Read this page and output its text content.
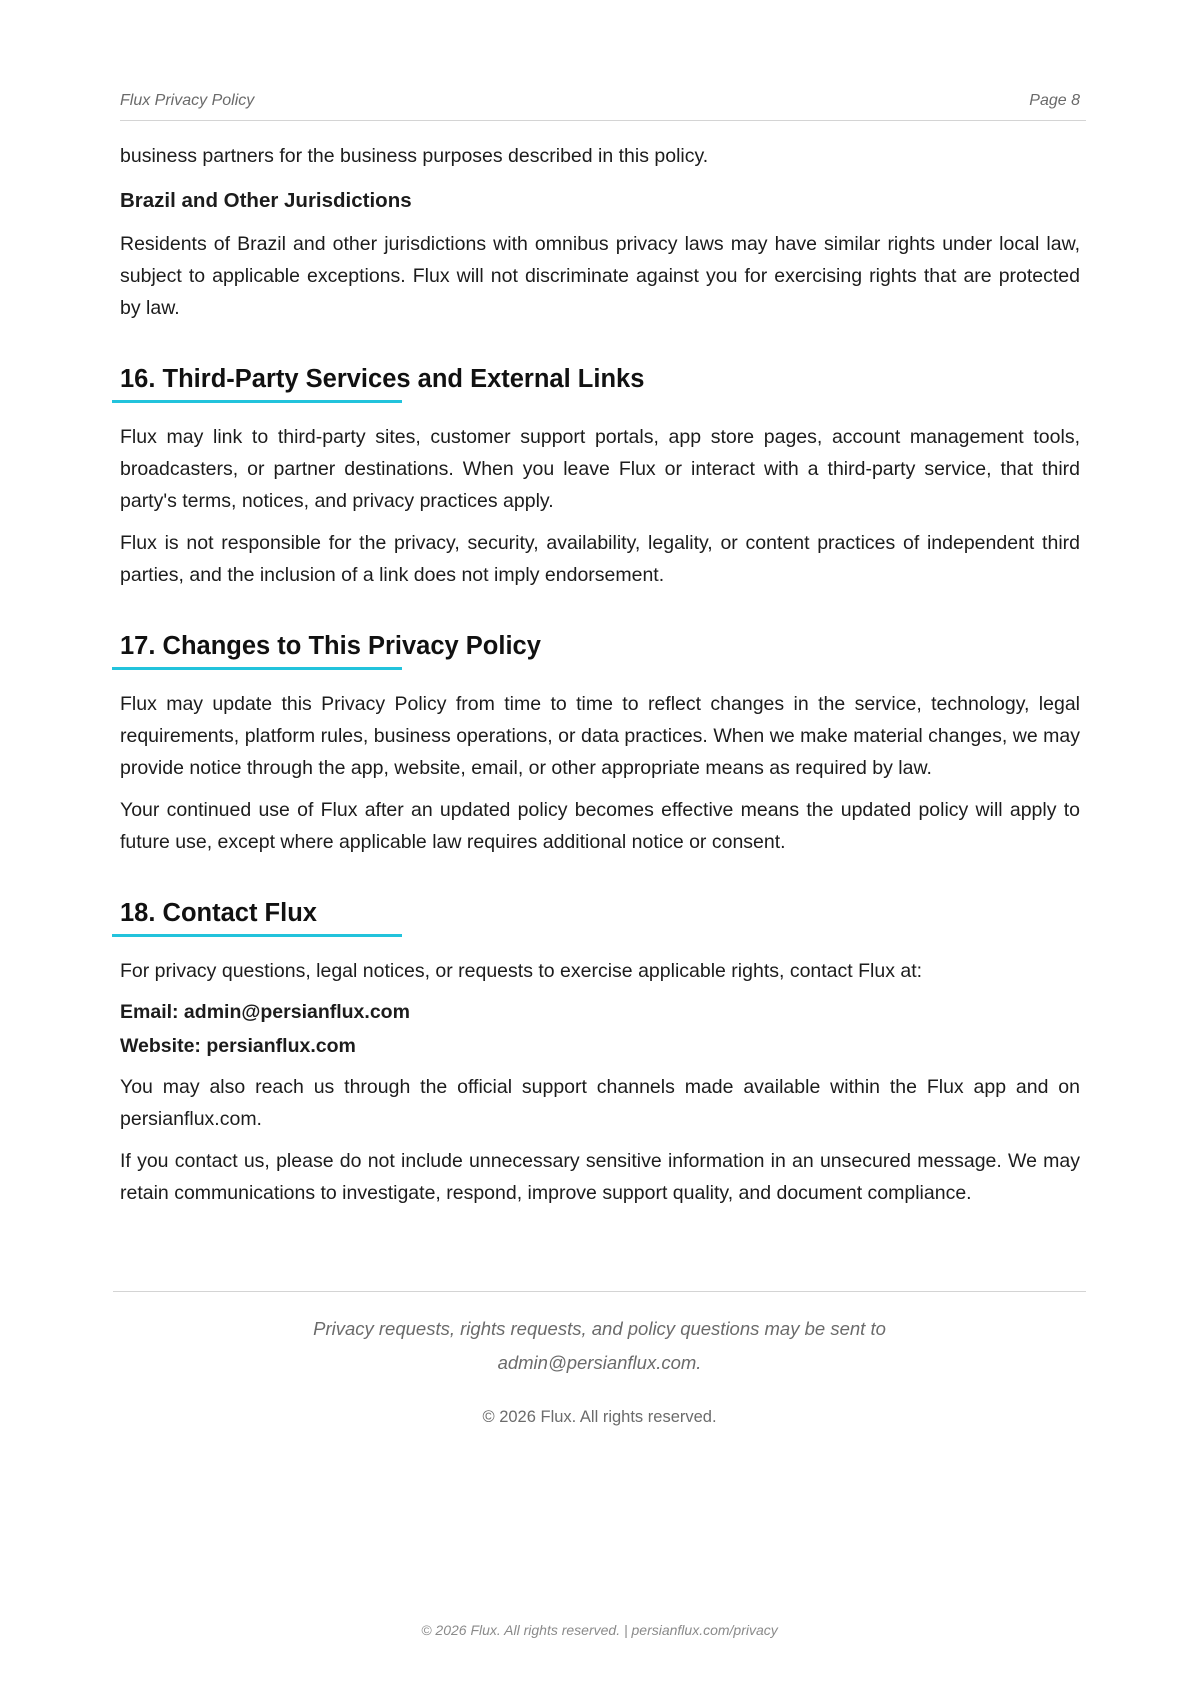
Flux Privacy Policy	Page 8

business partners for the business purposes described in this policy.

Brazil and Other Jurisdictions

Residents of Brazil and other jurisdictions with omnibus privacy laws may have similar rights under local law, subject to applicable exceptions. Flux will not discriminate against you for exercising rights that are protected by law.

16. Third-Party Services and External Links

Flux may link to third-party sites, customer support portals, app store pages, account management tools, broadcasters, or partner destinations. When you leave Flux or interact with a third-party service, that third party's terms, notices, and privacy practices apply.

Flux is not responsible for the privacy, security, availability, legality, or content practices of independent third parties, and the inclusion of a link does not imply endorsement.

17. Changes to This Privacy Policy

Flux may update this Privacy Policy from time to time to reflect changes in the service, technology, legal requirements, platform rules, business operations, or data practices. When we make material changes, we may provide notice through the app, website, email, or other appropriate means as required by law.

Your continued use of Flux after an updated policy becomes effective means the updated policy will apply to future use, except where applicable law requires additional notice or consent.

18. Contact Flux

For privacy questions, legal notices, or requests to exercise applicable rights, contact Flux at:

Email: admin@persianflux.com
Website: persianflux.com

You may also reach us through the official support channels made available within the Flux app and on persianflux.com.

If you contact us, please do not include unnecessary sensitive information in an unsecured message. We may retain communications to investigate, respond, improve support quality, and document compliance.

Privacy requests, rights requests, and policy questions may be sent to
admin@persianflux.com.
© 2026 Flux. All rights reserved.
© 2026 Flux. All rights reserved. | persianflux.com/privacy
